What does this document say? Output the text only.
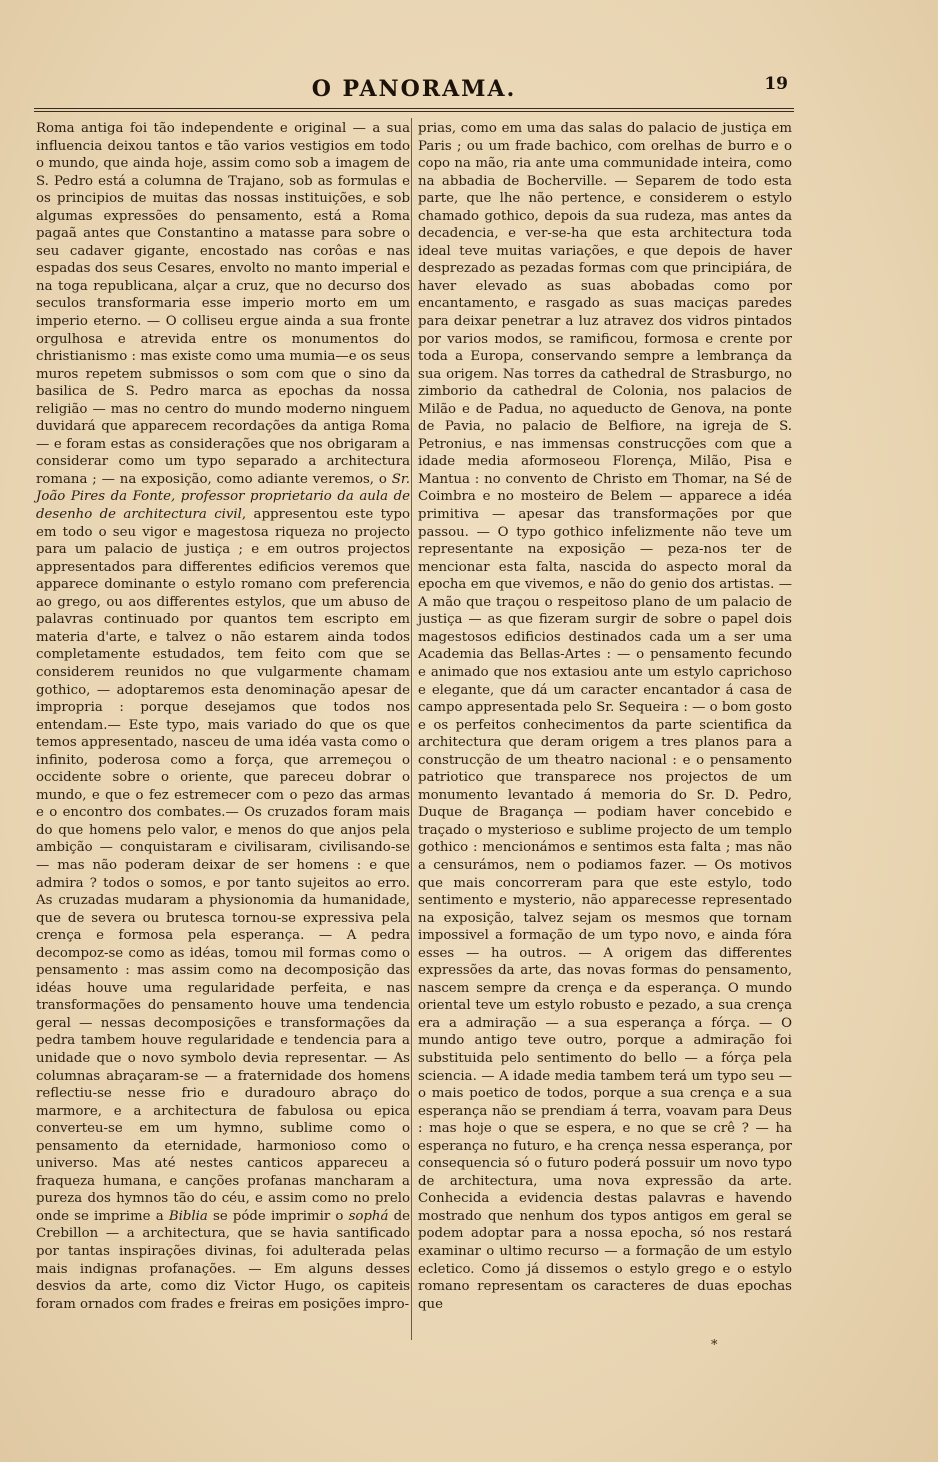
O PANORAMA.	19

Roma antiga foi tão independente e original — a sua influencia deixou tantos e tão varios vestigios em todo o mundo, que ainda hoje, assim como sob a imagem de S. Pedro está a columna de Trajano, sob as formulas e os principios de muitas das nossas instituições, e sob algumas expressões do pensamento, está a Roma pagaã antes que Constantino a matasse para sobre o seu cadaver gigante, encostado nas corôas e nas espadas dos seus Cesares, envolto no manto imperial e na toga republicana, alçar a cruz, que no decurso dos seculos transformaria esse imperio morto em um imperio eterno. — O colliseu ergue ainda a sua fronte orgulhosa e atrevida entre os monumentos do christianismo : mas existe como uma mumia—e os seus muros repetem submissos o som com que o sino da basilica de S. Pedro marca as epochas da nossa religião — mas no centro do mundo moderno ninguem duvidará que apparecem recordações da antiga Roma — e foram estas as considerações que nos obrigaram a considerar como um typo separado a architectura romana ; — na exposição, como adiante veremos, o Sr. João Pires da Fonte, professor proprietario da aula de desenho de architectura civil, appresentou este typo em todo o seu vigor e magestosa riqueza no projecto para um palacio de justiça ; e em outros projectos appresentados para differentes edificios veremos que apparece dominante o estylo romano com preferencia ao grego, ou aos differentes estylos, que um abuso de palavras continuado por quantos tem escripto em materia d'arte, e talvez o não estarem ainda todos completamente estudados, tem feito com que se considerem reunidos no que vulgarmente chamam gothico, — adoptaremos esta denominação apesar de impropria : porque desejamos que todos nos entendam.— Este typo, mais variado do que os que temos appresentado, nasceu de uma idéa vasta como o infinito, poderosa como a força, que arremeçou o occidente sobre o oriente, que pareceu dobrar o mundo, e que o fez estremecer com o pezo das armas e o encontro dos combates.— Os cruzados foram mais do que homens pelo valor, e menos do que anjos pela ambição — conquistaram e civilisaram, civilisando-se — mas não poderam deixar de ser homens : e que admira ? todos o somos, e por tanto sujeitos ao erro. As cruzadas mudaram a physionomia da humanidade, que de severa ou brutesca tornou-se expressiva pela crença e formosa pela esperança. — A pedra decompoz-se como as idéas, tomou mil formas como o pensamento : mas assim como na decomposição das idéas houve uma regularidade perfeita, e nas transformações do pensamento houve uma tendencia geral — nessas decomposições e transformações da pedra tambem houve regularidade e tendencia para a unidade que o novo symbolo devia representar. — As columnas abraçaram-se — a fraternidade dos homens reflectiu-se nesse frio e duradouro abraço do marmore, e a architectura de fabulosa ou epica converteu-se em um hymno, sublime como o pensamento da eternidade, harmonioso como o universo. Mas até nestes canticos appareceu a fraqueza humana, e canções profanas mancharam a pureza dos hymnos tão do céu, e assim como no prelo onde se imprime a Biblia se póde imprimir o sophá de Crebillon — a architectura, que se havia santificado por tantas inspirações divinas, foi adulterada pelas mais indignas profanações. — Em alguns desses desvios da arte, como diz Victor Hugo, os capiteis foram ornados com frades e freiras em posições impro-

prias, como em uma das salas do palacio de justiça em Paris ; ou um frade bachico, com orelhas de burro e o copo na mão, ria ante uma communidade inteira, como na abbadia de Bocherville. — Separem de todo esta parte, que lhe não pertence, e considerem o estylo chamado gothico, depois da sua rudeza, mas antes da decadencia, e ver-se-ha que esta architectura toda ideal teve muitas variações, e que depois de haver desprezado as pezadas formas com que principiára, de haver elevado as suas abobadas como por encantamento, e rasgado as suas maciças paredes para deixar penetrar a luz atravez dos vidros pintados por varios modos, se ramificou, formosa e crente por toda a Europa, conservando sempre a lembrança da sua origem. Nas torres da cathedral de Strasburgo, no zimborio da cathedral de Colonia, nos palacios de Milão e de Padua, no aqueducto de Genova, na ponte de Pavia, no palacio de Belfiore, na igreja de S. Petronius, e nas immensas construcções com que a idade media aformoseou Florença, Milão, Pisa e Mantua : no convento de Christo em Thomar, na Sé de Coimbra e no mosteiro de Belem — apparece a idéa primitiva — apesar das transformações por que passou. — O typo gothico infelizmente não teve um representante na exposição — peza-nos ter de mencionar esta falta, nascida do aspecto moral da epocha em que vivemos, e não do genio dos artistas. — A mão que traçou o respeitoso plano de um palacio de justiça — as que fizeram surgir de sobre o papel dois magestosos edificios destinados cada um a ser uma Academia das Bellas-Artes : — o pensamento fecundo e animado que nos extasiou ante um estylo caprichoso e elegante, que dá um caracter encantador á casa de campo appresentada pelo Sr. Sequeira : — o bom gosto e os perfeitos conhecimentos da parte scientifica da architectura que deram origem a tres planos para a construcção de um theatro nacional : e o pensamento patriotico que transparece nos projectos de um monumento levantado á memoria do Sr. D. Pedro, Duque de Bragança — podiam haver concebido e traçado o mysterioso e sublime projecto de um templo gothico : mencionámos e sentimos esta falta ; mas não a censurámos, nem o podiamos fazer. — Os motivos que mais concorreram para que este estylo, todo sentimento e mysterio, não apparecesse representado na exposição, talvez sejam os mesmos que tornam impossivel a formação de um typo novo, e ainda fóra esses — ha outros. — A origem das differentes expressões da arte, das novas formas do pensamento, nascem sempre da crença e da esperança. O mundo oriental teve um estylo robusto e pezado, a sua crença era a admiração — a sua esperança a fórça. — O mundo antigo teve outro, porque a admiração foi substituida pelo sentimento do bello — a fórça pela sciencia. — A idade media tambem terá um typo seu — o mais poetico de todos, porque a sua crença e a sua esperança não se prendiam á terra, voavam para Deus : mas hoje o que se espera, e no que se crê ? — ha esperança no futuro, e ha crença nessa esperança, por consequencia só o futuro poderá possuir um novo typo de architectura, uma nova expressão da arte. Conhecida a evidencia destas palavras e havendo mostrado que nenhum dos typos antigos em geral se podem adoptar para a nossa epocha, só nos restará examinar o ultimo recurso — a formação de um estylo ecletico. Como já dissemos o estylo grego e o estylo romano representam os caracteres de duas epochas que

*
